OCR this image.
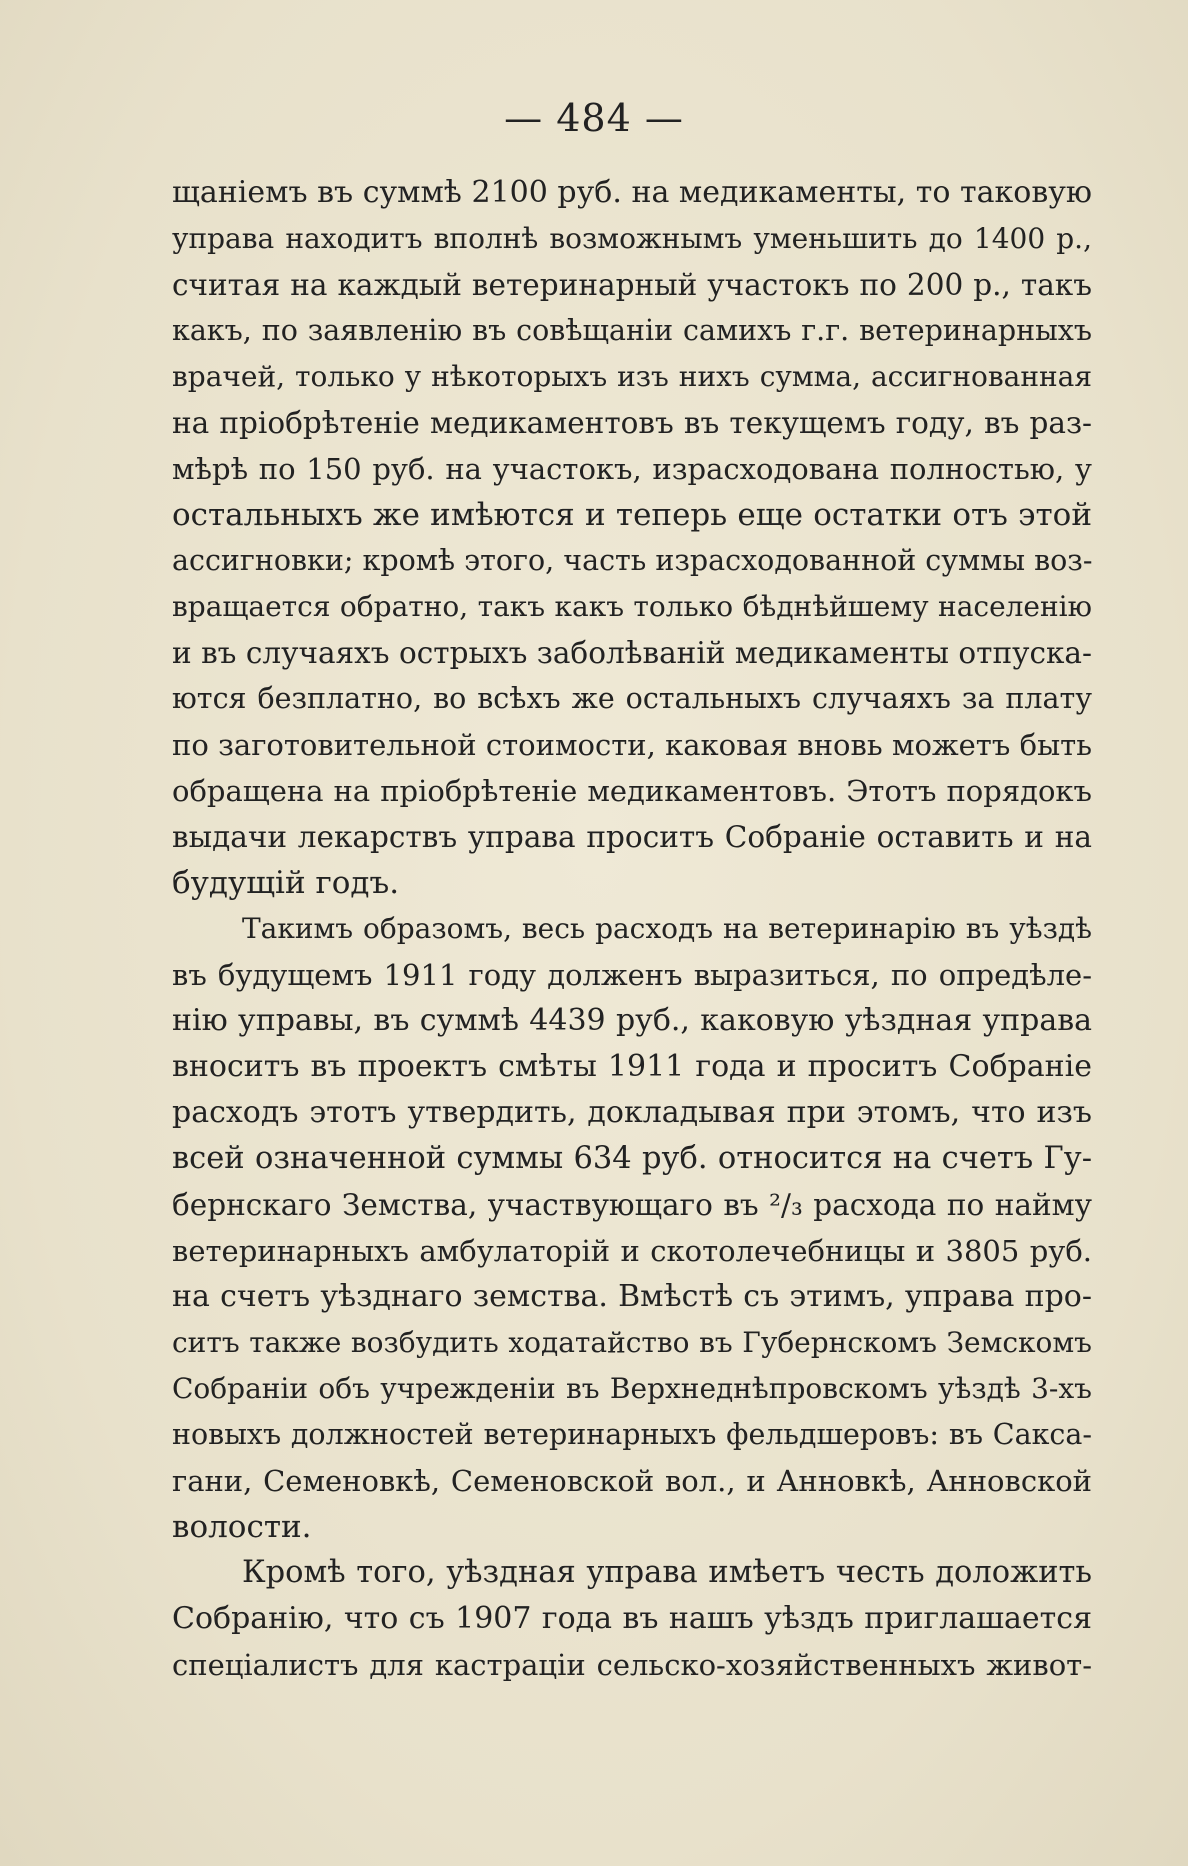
— 484 —
щаніемъ въ суммѣ 2100 руб. на медикаменты, то таковую
управа находитъ вполнѣ возможнымъ уменьшить до 1400 р.,
считая на каждый ветеринарный участокъ по 200 р., такъ
какъ, по заявленію въ совѣщаніи самихъ г.г. ветеринарныхъ
врачей, только у нѣкоторыхъ изъ нихъ сумма, ассигнованная
на пріобрѣтеніе медикаментовъ въ текущемъ году, въ раз-
мѣрѣ по 150 руб. на участокъ, израсходована полностью, у
остальныхъ же имѣются и теперь еще остатки отъ этой
ассигновки; кромѣ этого, часть израсходованной суммы воз-
вращается обратно, такъ какъ только бѣднѣйшему населенію
и въ случаяхъ острыхъ заболѣваній медикаменты отпуска-
ются безплатно, во всѣхъ же остальныхъ случаяхъ за плату
по заготовительной стоимости, каковая вновь можетъ быть
обращена на пріобрѣтеніе медикаментовъ. Этотъ порядокъ
выдачи лекарствъ управа проситъ Собраніе оставить и на
будущій годъ.
Такимъ образомъ, весь расходъ на ветеринарію въ уѣздѣ
въ будущемъ 1911 году долженъ выразиться, по опредѣле-
нію управы, въ суммѣ 4439 руб., каковую уѣздная управа
вноситъ въ проектъ смѣты 1911 года и проситъ Собраніе
расходъ этотъ утвердить, докладывая при этомъ, что изъ
всей означенной суммы 634 руб. относится на счетъ Гу-
бернскаго Земства, участвующаго въ ²/₃ расхода по найму
ветеринарныхъ амбулаторій и скотолечебницы и 3805 руб.
на счетъ уѣзднаго земства. Вмѣстѣ съ этимъ, управа про-
ситъ также возбудить ходатайство въ Губернскомъ Земскомъ
Собраніи объ учрежденіи въ Верхнеднѣпровскомъ уѣздѣ 3-хъ
новыхъ должностей ветеринарныхъ фельдшеровъ: въ Сакса-
гани, Семеновкѣ, Семеновской вол., и Анновкѣ, Анновской
волости.
Кромѣ того, уѣздная управа имѣетъ честь доложить
Собранію, что съ 1907 года въ нашъ уѣздъ приглашается
спеціалистъ для кастраціи сельско-хозяйственныхъ живот-
